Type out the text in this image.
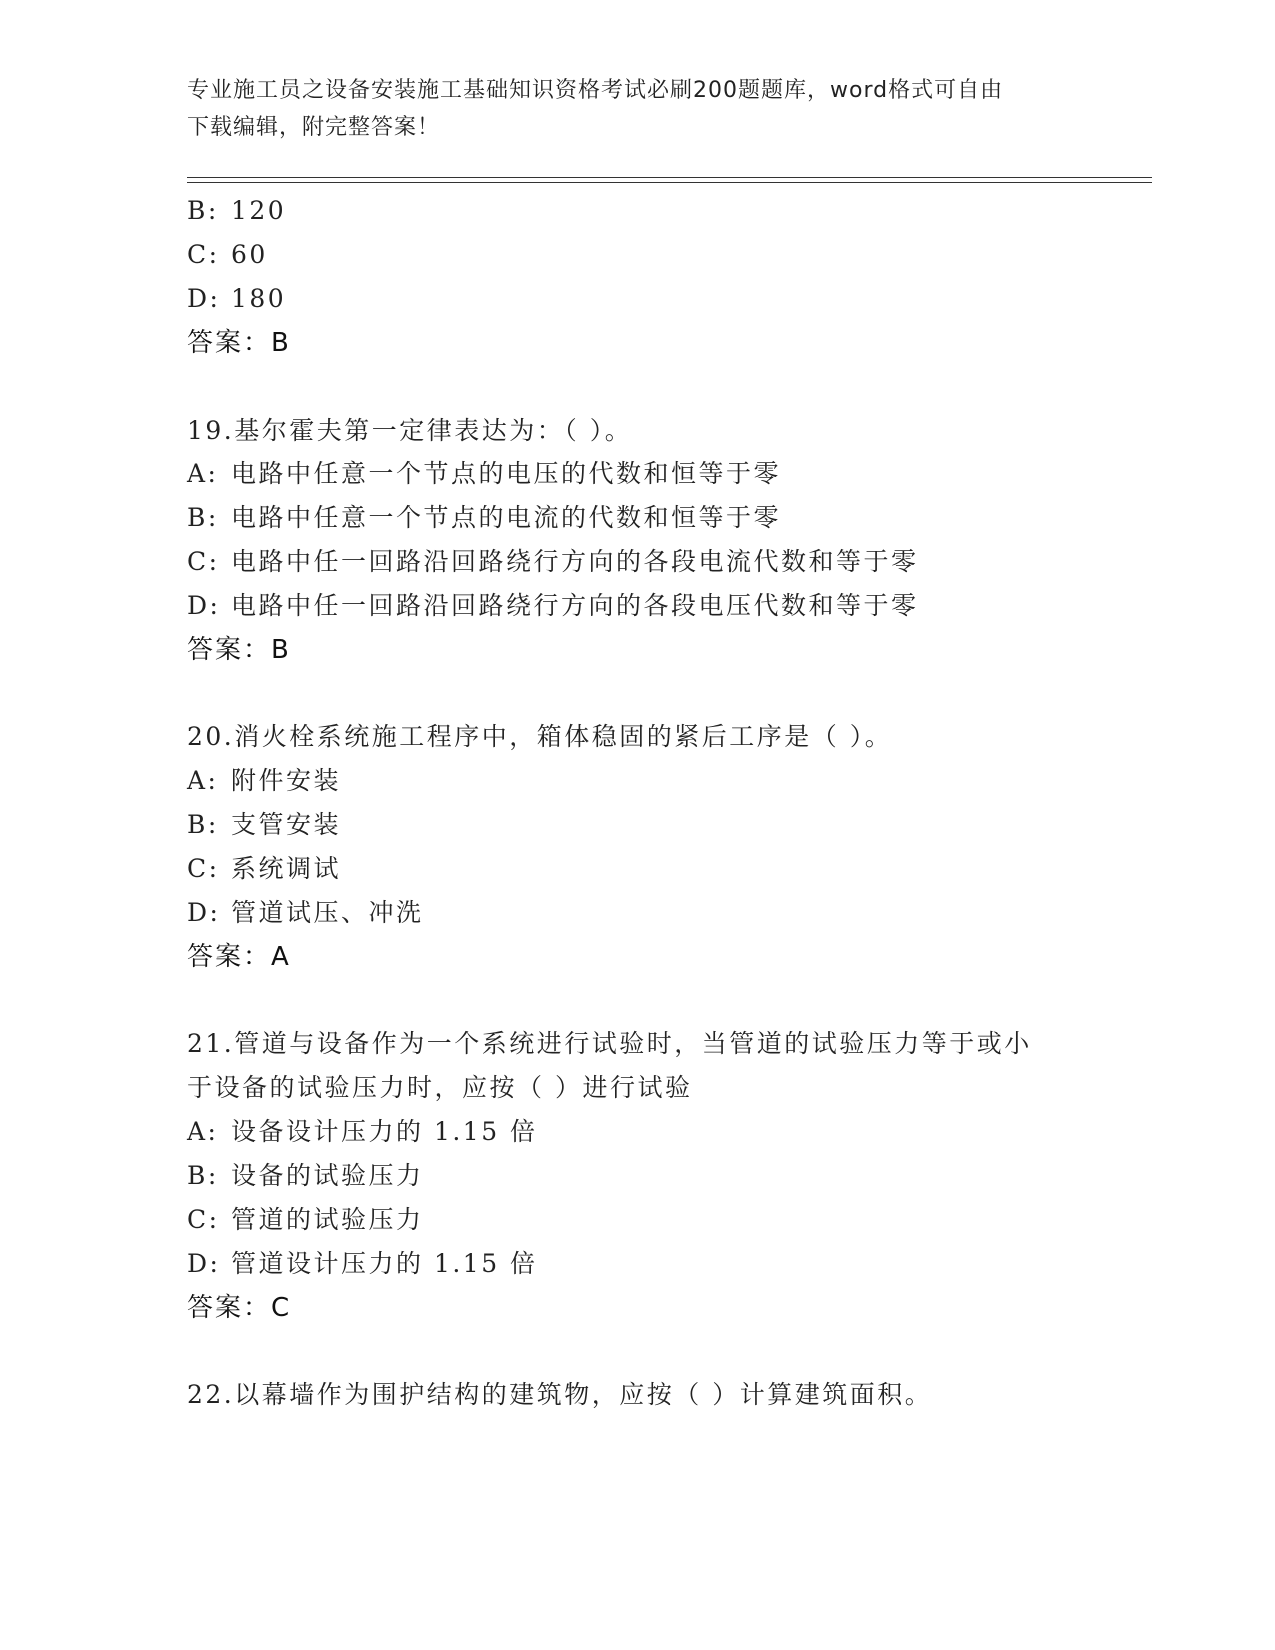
专业施工员之设备安装施工基础知识资格考试必刷200题题库，word格式可自由
下载编辑，附完整答案！
B: 120
C: 60
D: 180
答案：B
19.基尔霍夫第一定律表达为：（ ）。
A: 电路中任意一个节点的电压的代数和恒等于零
B: 电路中任意一个节点的电流的代数和恒等于零
C: 电路中任一回路沿回路绕行方向的各段电流代数和等于零
D: 电路中任一回路沿回路绕行方向的各段电压代数和等于零
答案：B
20.消火栓系统施工程序中，箱体稳固的紧后工序是（ ）。
A: 附件安装
B: 支管安装
C: 系统调试
D: 管道试压、冲洗
答案：A
21.管道与设备作为一个系统进行试验时，当管道的试验压力等于或小
于设备的试验压力时，应按（ ）进行试验
A: 设备设计压力的 1.15 倍
B: 设备的试验压力
C: 管道的试验压力
D: 管道设计压力的 1.15 倍
答案：C
22.以幕墙作为围护结构的建筑物，应按（ ）计算建筑面积。
